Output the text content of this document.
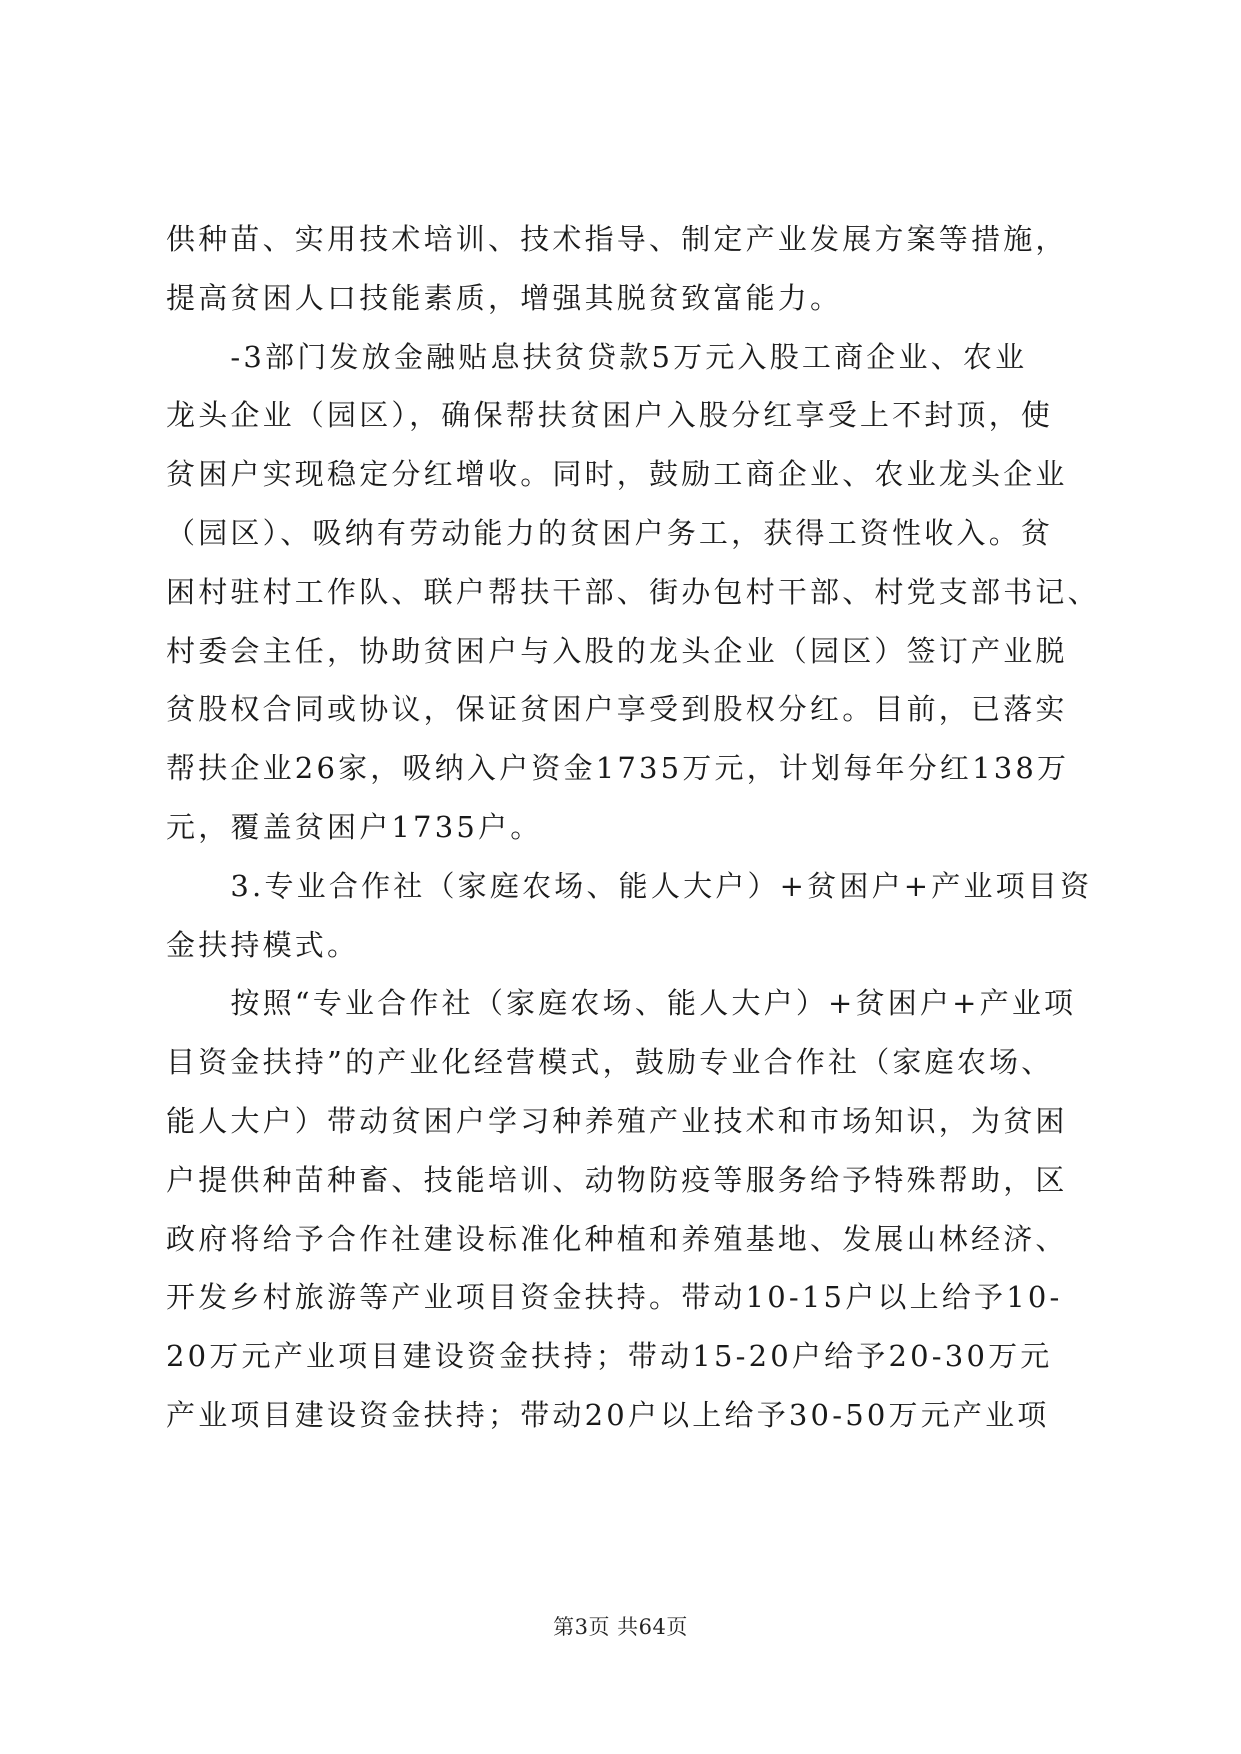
供种苗、实用技术培训、技术指导、制定产业发展方案等措施，
提高贫困人口技能素质，增强其脱贫致富能力。
　　-3部门发放金融贴息扶贫贷款5万元入股工商企业、农业
龙头企业（园区），确保帮扶贫困户入股分红享受上不封顶，使
贫困户实现稳定分红增收。同时，鼓励工商企业、农业龙头企业
（园区）、吸纳有劳动能力的贫困户务工，获得工资性收入。贫
困村驻村工作队、联户帮扶干部、街办包村干部、村党支部书记、
村委会主任，协助贫困户与入股的龙头企业（园区）签订产业脱
贫股权合同或协议，保证贫困户享受到股权分红。目前，已落实
帮扶企业26家，吸纳入户资金1735万元，计划每年分红138万
元，覆盖贫困户1735户。
　　3.专业合作社（家庭农场、能人大户）+贫困户+产业项目资
金扶持模式。
　　按照“专业合作社（家庭农场、能人大户）+贫困户+产业项
目资金扶持”的产业化经营模式，鼓励专业合作社（家庭农场、
能人大户）带动贫困户学习种养殖产业技术和市场知识，为贫困
户提供种苗种畜、技能培训、动物防疫等服务给予特殊帮助，区
政府将给予合作社建设标准化种植和养殖基地、发展山林经济、
开发乡村旅游等产业项目资金扶持。带动10-15户以上给予10-
20万元产业项目建设资金扶持；带动15-20户给予20-30万元
产业项目建设资金扶持；带动20户以上给予30-50万元产业项
第3页 共64页
